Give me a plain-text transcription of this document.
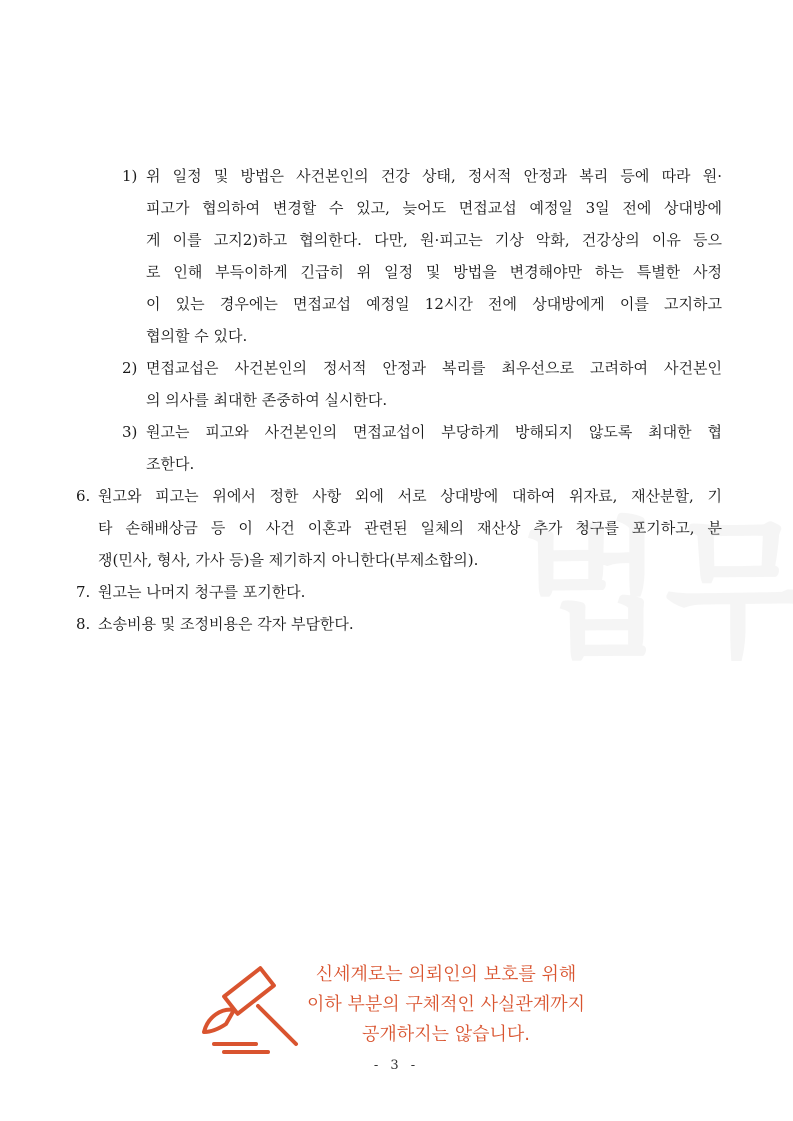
1) 위 일정 및 방법은 사건본인의 건강 상태, 정서적 안정과 복리 등에 따라 원·
피고가 협의하여 변경할 수 있고, 늦어도 면접교섭 예정일 3일 전에 상대방에
게 이를 고지2)하고 협의한다. 다만, 원·피고는 기상 악화, 건강상의 이유 등으
로 인해 부득이하게 긴급히 위 일정 및 방법을 변경해야만 하는 특별한 사정
이 있는 경우에는 면접교섭 예정일 12시간 전에 상대방에게 이를 고지하고
협의할 수 있다.
2) 면접교섭은 사건본인의 정서적 안정과 복리를 최우선으로 고려하여 사건본인
의 의사를 최대한 존중하여 실시한다.
3) 원고는 피고와 사건본인의 면접교섭이 부당하게 방해되지 않도록 최대한 협
조한다.
6. 원고와 피고는 위에서 정한 사항 외에 서로 상대방에 대하여 위자료, 재산분할, 기
타 손해배상금 등 이 사건 이혼과 관련된 일체의 재산상 추가 청구를 포기하고, 분
쟁(민사, 형사, 가사 등)을 제기하지 아니한다(부제소합의).
7. 원고는 나머지 청구를 포기한다.
8. 소송비용 및 조정비용은 각자 부담한다.
신세계로는 의뢰인의 보호를 위해
이하 부분의 구체적인 사실관계까지
공개하지는 않습니다.
- 3 -
